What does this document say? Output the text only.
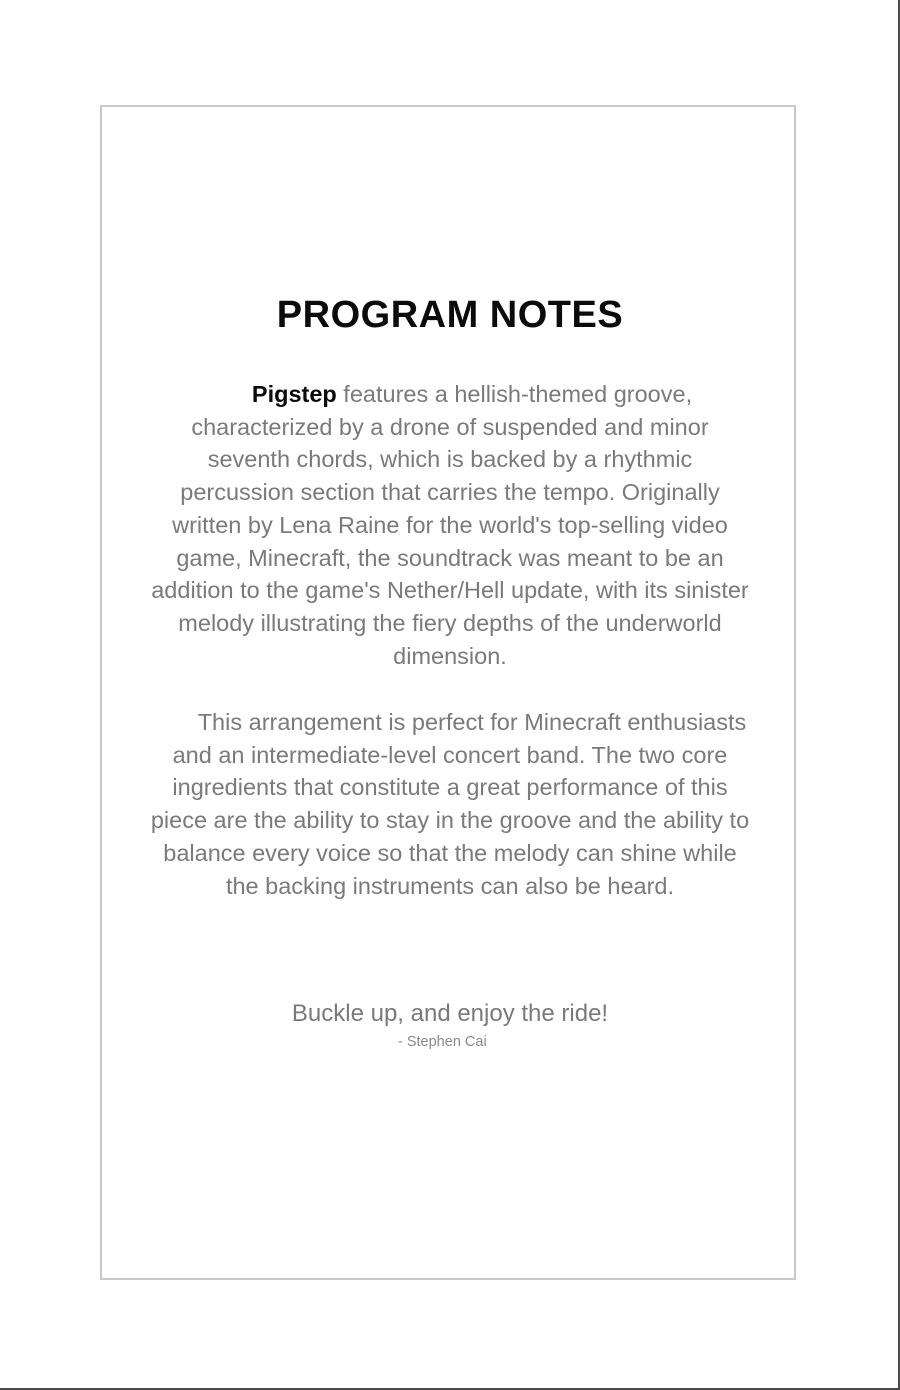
PROGRAM NOTES
Pigstep features a hellish-themed groove, characterized by a drone of suspended and minor seventh chords, which is backed by a rhythmic percussion section that carries the tempo. Originally written by Lena Raine for the world's top-selling video game, Minecraft, the soundtrack was meant to be an addition to the game's Nether/Hell update, with its sinister melody illustrating the fiery depths of the underworld dimension.
This arrangement is perfect for Minecraft enthusiasts and an intermediate-level concert band. The two core ingredients that constitute a great performance of this piece are the ability to stay in the groove and the ability to balance every voice so that the melody can shine while the backing instruments can also be heard.
Buckle up, and enjoy the ride!
- Stephen Cai
